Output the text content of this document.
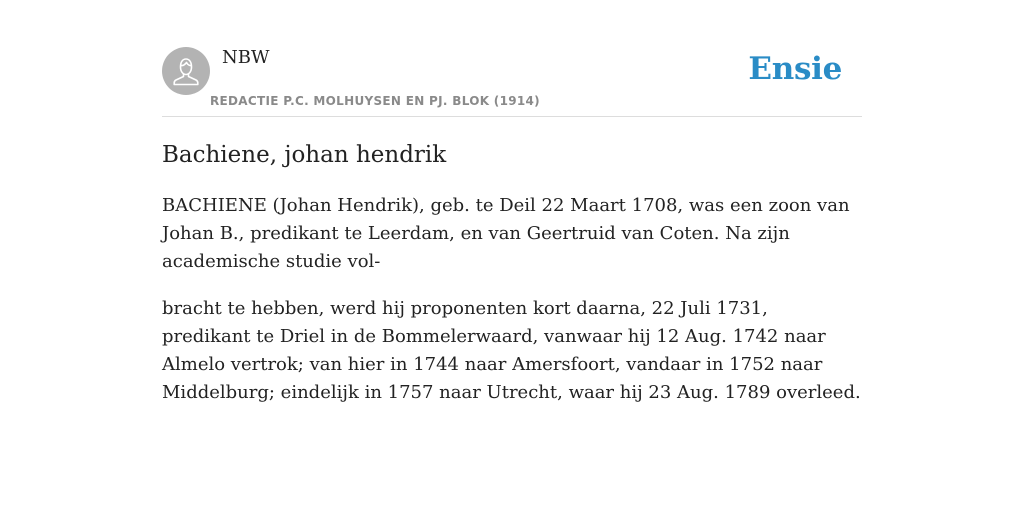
NBW
REDACTIE P.C. MOLHUYSEN EN PJ. BLOK (1914)
Ensie
Bachiene, johan hendrik

BACHIENE (Johan Hendrik), geb. te Deil 22 Maart 1708, was een zoon van Johan B., predikant te Leerdam, en van Geertruid van Coten. Na zijn academische studie vol-

bracht te hebben, werd hij proponenten kort daarna, 22 Juli 1731, predikant te Driel in de Bommelerwaard, vanwaar hij 12 Aug. 1742 naar Almelo vertrok; van hier in 1744 naar Amersfoort, vandaar in 1752 naar Middelburg; eindelijk in 1757 naar Utrecht, waar hij 23 Aug. 1789 overleed.
